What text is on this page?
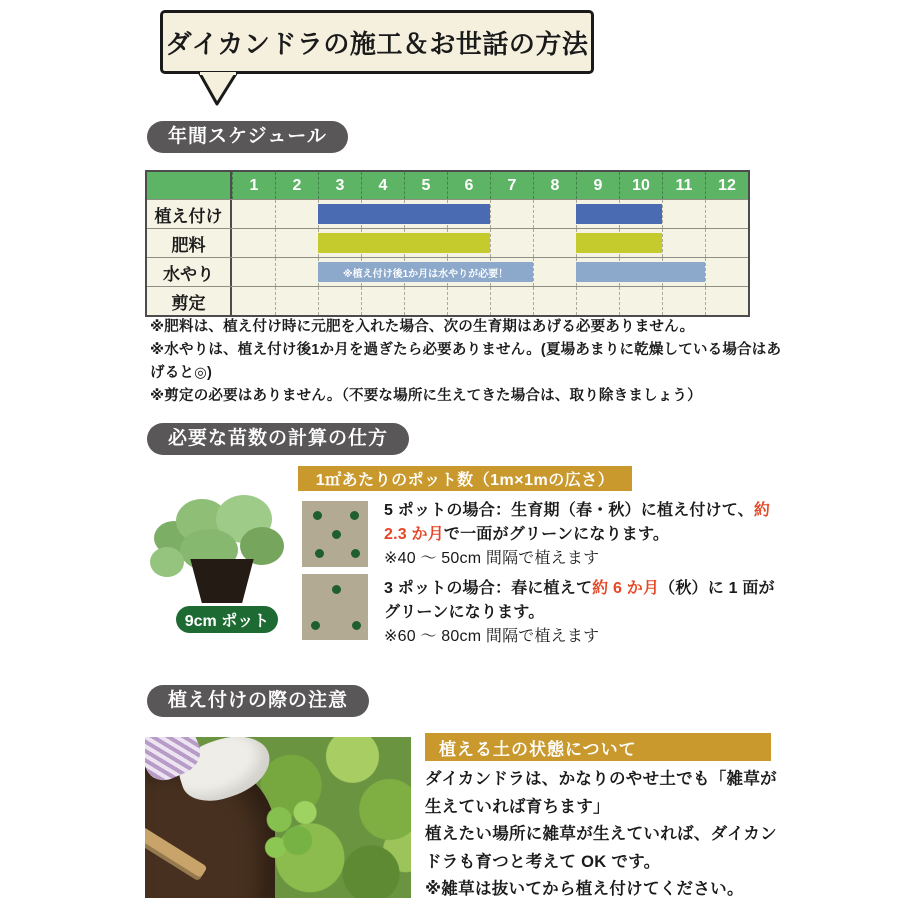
ダイカンドラの施工＆お世話の方法
年間スケジュール
1	2	3	4	5	6	7	8	9	10	11	12
植え付け
肥料
水やり	※植え付け後1か月は水やりが必要！
剪定

※肥料は、植え付け時に元肥を入れた場合、次の生育期はあげる必要ありません。

※水やりは、植え付け後1か月を過ぎたら必要ありません。(夏場あまりに乾燥している場合はあげると◎)

※剪定の必要はありません。（不要な場所に生えてきた場合は、取り除きましょう）

必要な苗数の計算の仕方
1㎡あたりのポット数（1m×1mの広さ）
9cm ポット
5 ポットの場合：生育期（春・秋）に植え付けて、約 2.3 か月で一面がグリーンになります。
※40 ～ 50cm 間隔で植えます
3 ポットの場合：春に植えて約 6 か月（秋）に 1 面がグリーンになります。
※60 ～ 80cm 間隔で植えます
植え付けの際の注意
植える土の状態について

ダイカンドラは、かなりのやせ土でも「雑草が生えていれば育ちます」

植えたい場所に雑草が生えていれば、ダイカンドラも育つと考えて OK です。

※雑草は抜いてから植え付けてください。
